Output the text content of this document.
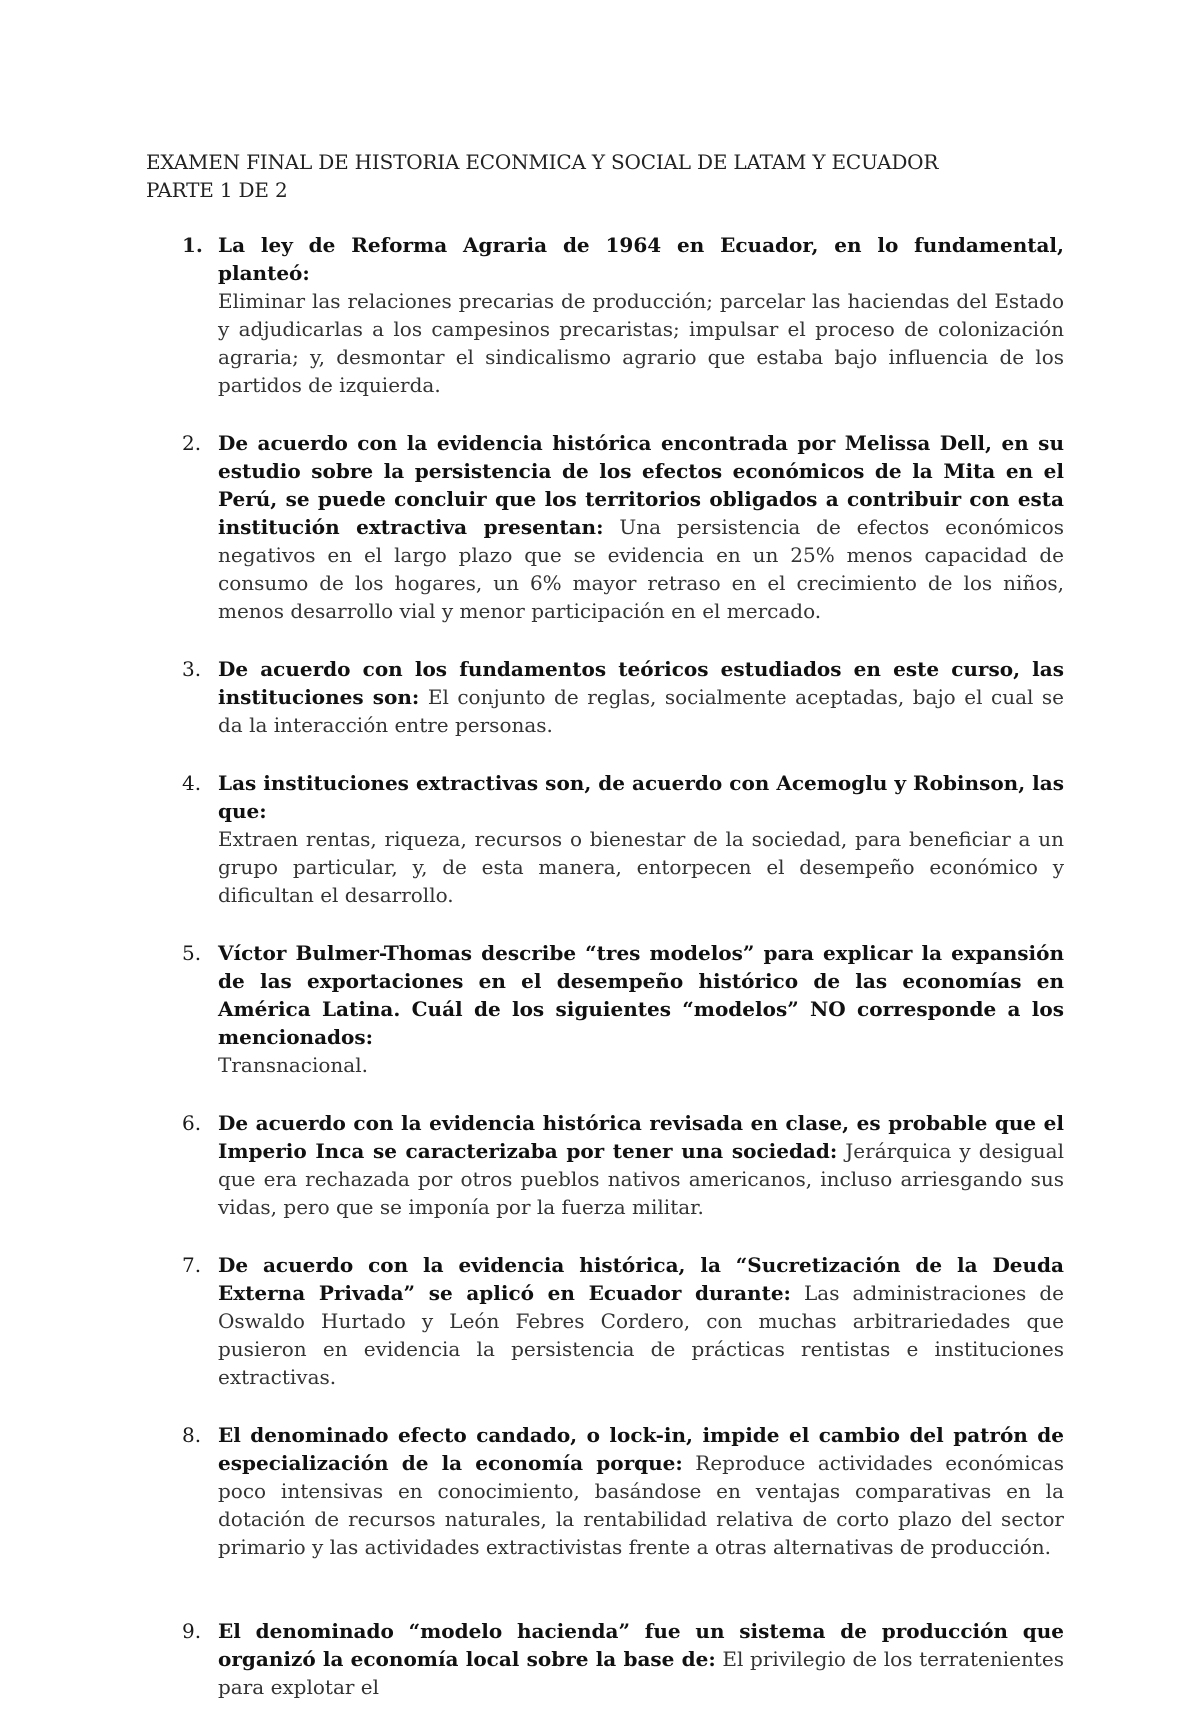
EXAMEN FINAL DE HISTORIA ECONMICA Y SOCIAL DE LATAM Y ECUADOR
PARTE 1 DE 2
1. La ley de Reforma Agraria de 1964 en Ecuador, en lo fundamental, planteó:
Eliminar las relaciones precarias de producción; parcelar las haciendas del Estado y adjudicarlas a los campesinos precaristas; impulsar el proceso de colonización agraria; y, desmontar el sindicalismo agrario que estaba bajo influencia de los partidos de izquierda.
2. De acuerdo con la evidencia histórica encontrada por Melissa Dell, en su estudio sobre la persistencia de los efectos económicos de la Mita en el Perú, se puede concluir que los territorios obligados a contribuir con esta institución extractiva presentan: Una persistencia de efectos económicos negativos en el largo plazo que se evidencia en un 25% menos capacidad de consumo de los hogares, un 6% mayor retraso en el crecimiento de los niños, menos desarrollo vial y menor participación en el mercado.
3. De acuerdo con los fundamentos teóricos estudiados en este curso, las instituciones son: El conjunto de reglas, socialmente aceptadas, bajo el cual se da la interacción entre personas.
4. Las instituciones extractivas son, de acuerdo con Acemoglu y Robinson, las que:
Extraen rentas, riqueza, recursos o bienestar de la sociedad, para beneficiar a un grupo particular, y, de esta manera, entorpecen el desempeño económico y dificultan el desarrollo.
5. Víctor Bulmer-Thomas describe “tres modelos” para explicar la expansión de las exportaciones en el desempeño histórico de las economías en América Latina. Cuál de los siguientes “modelos” NO corresponde a los mencionados:
Transnacional.
6. De acuerdo con la evidencia histórica revisada en clase, es probable que el Imperio Inca se caracterizaba por tener una sociedad: Jerárquica y desigual que era rechazada por otros pueblos nativos americanos, incluso arriesgando sus vidas, pero que se imponía por la fuerza militar.
7. De acuerdo con la evidencia histórica, la “Sucretización de la Deuda Externa Privada” se aplicó en Ecuador durante: Las administraciones de Oswaldo Hurtado y León Febres Cordero, con muchas arbitrariedades que pusieron en evidencia la persistencia de prácticas rentistas e instituciones extractivas.
8. El denominado efecto candado, o lock-in, impide el cambio del patrón de especialización de la economía porque: Reproduce actividades económicas poco intensivas en conocimiento, basándose en ventajas comparativas en la dotación de recursos naturales, la rentabilidad relativa de corto plazo del sector primario y las actividades extractivistas frente a otras alternativas de producción.
9. El denominado “modelo hacienda” fue un sistema de producción que organizó la economía local sobre la base de: El privilegio de los terratenientes para explotar el
